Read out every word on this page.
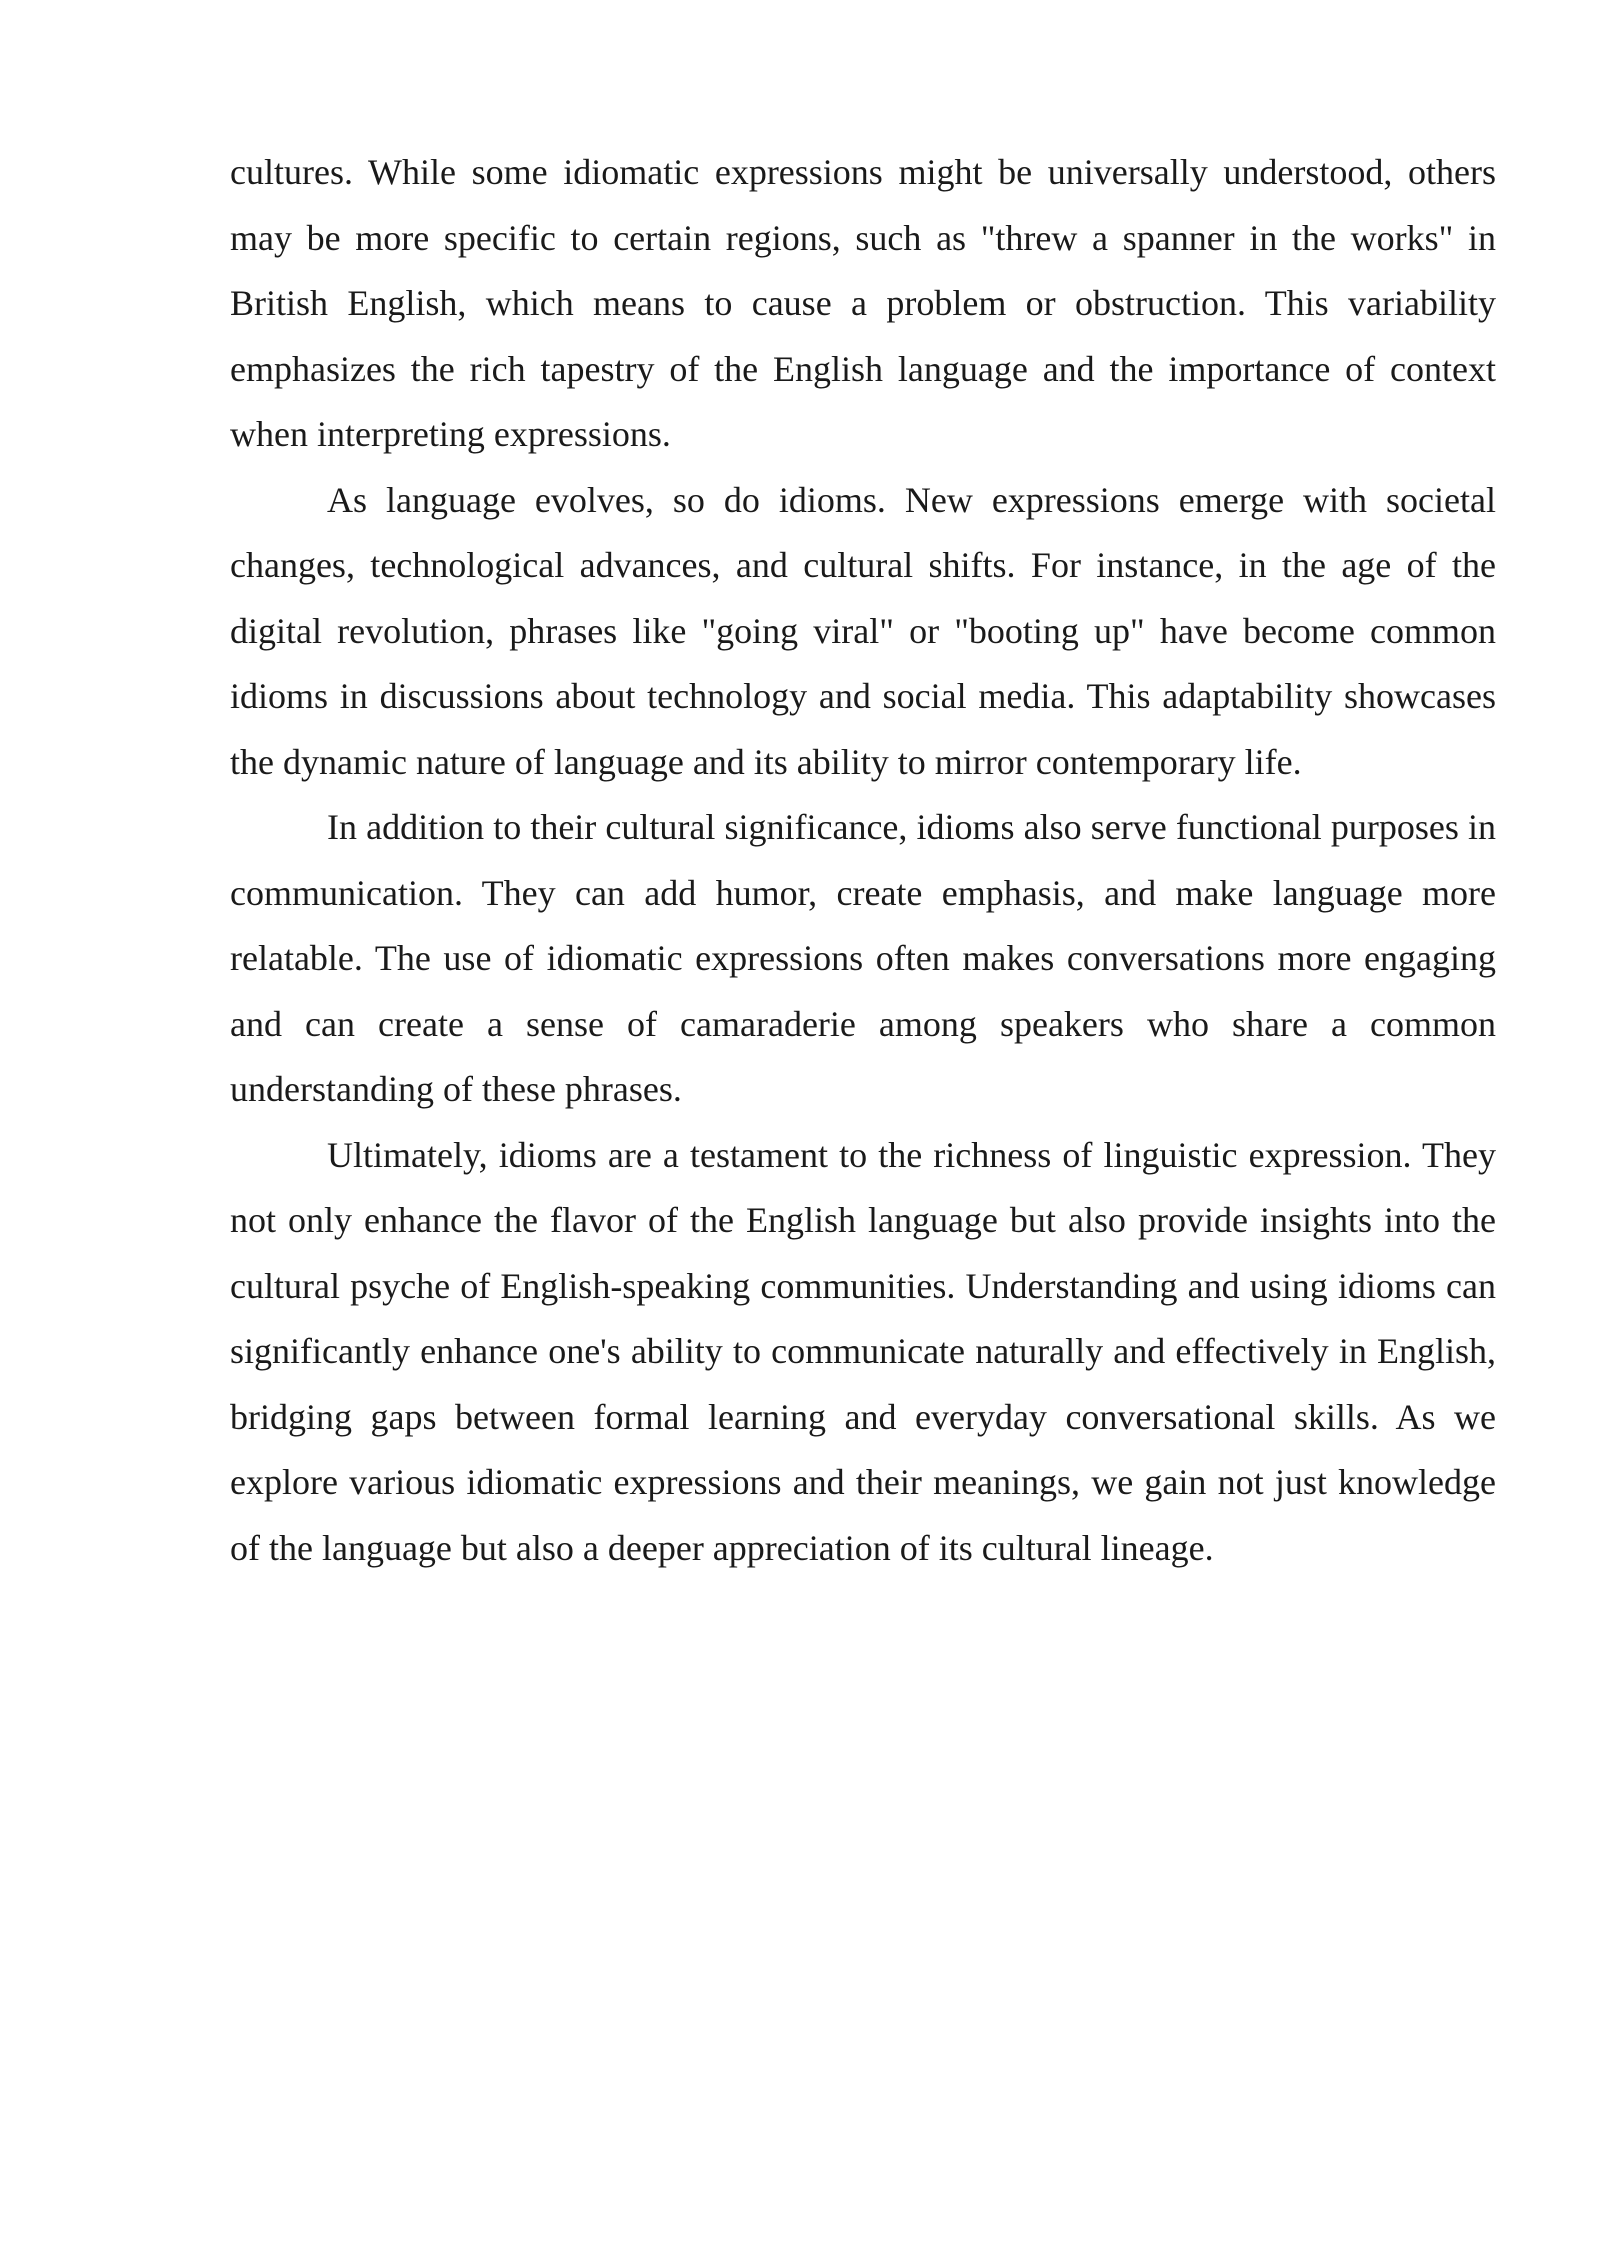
cultures. While some idiomatic expressions might be universally understood, others may be more specific to certain regions, such as "threw a spanner in the works" in British English, which means to cause a problem or obstruction. This variability emphasizes the rich tapestry of the English language and the importance of context when interpreting expressions.

As language evolves, so do idioms. New expressions emerge with societal changes, technological advances, and cultural shifts. For instance, in the age of the digital revolution, phrases like "going viral" or "booting up" have become common idioms in discussions about technology and social media. This adaptability showcases the dynamic nature of language and its ability to mirror contemporary life.

In addition to their cultural significance, idioms also serve functional purposes in communication. They can add humor, create emphasis, and make language more relatable. The use of idiomatic expressions often makes conversations more engaging and can create a sense of camaraderie among speakers who share a common understanding of these phrases.

Ultimately, idioms are a testament to the richness of linguistic expression. They not only enhance the flavor of the English language but also provide insights into the cultural psyche of English-speaking communities. Understanding and using idioms can significantly enhance one's ability to communicate naturally and effectively in English, bridging gaps between formal learning and everyday conversational skills. As we explore various idiomatic expressions and their meanings, we gain not just knowledge of the language but also a deeper appreciation of its cultural lineage.
